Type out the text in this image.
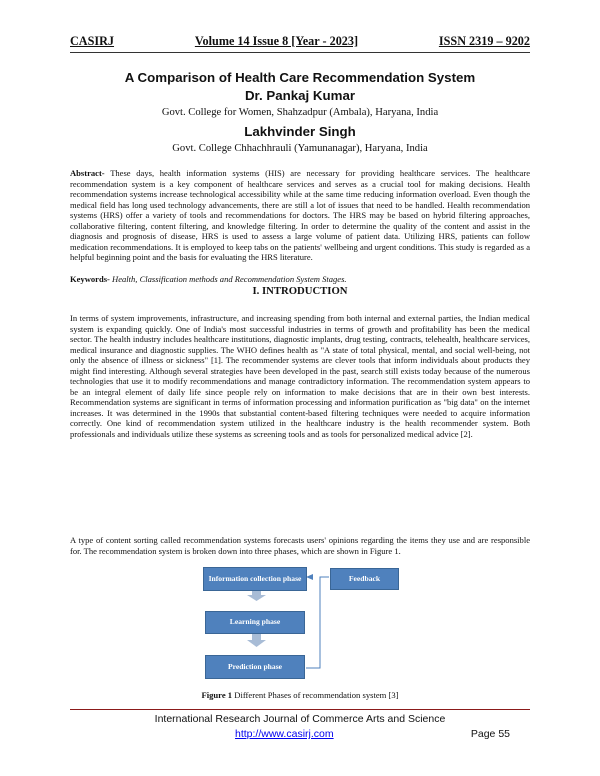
CASIRJ	Volume 14 Issue 8 [Year - 2023]	ISSN 2319 – 9202
A Comparison of Health Care Recommendation System
Dr. Pankaj Kumar
Govt. College for Women, Shahzadpur (Ambala), Haryana, India
Lakhvinder Singh
Govt. College Chhachhrauli (Yamunanagar), Haryana, India
Abstract- These days, health information systems (HIS) are necessary for providing healthcare services. The healthcare recommendation system is a key component of healthcare services and serves as a crucial tool for making decisions. Health recommendation systems increase technological accessibility while at the same time reducing information overload. Even though the medical field has long used technology advancements, there are still a lot of issues that need to be handled. Health recommendation systems (HRS) offer a variety of tools and recommendations for doctors. The HRS may be based on hybrid filtering approaches, collaborative filtering, content filtering, and knowledge filtering. In order to determine the quality of the content and assist in the diagnosis and prognosis of disease, HRS is used to assess a large volume of patient data. Utilizing HRS, patients can follow medication recommendations. It is employed to keep tabs on the patients' wellbeing and urgent conditions. This study is regarded as a helpful beginning point and the basis for evaluating the HRS literature.
Keywords- Health, Classification methods and Recommendation System Stages.
I. INTRODUCTION
In terms of system improvements, infrastructure, and increasing spending from both internal and external parties, the Indian medical system is expanding quickly. One of India's most successful industries in terms of growth and profitability has been the medical sector. The health industry includes healthcare institutions, diagnostic implants, drug testing, contracts, telehealth, healthcare services, medical insurance and diagnostic supplies. The WHO defines health as "A state of total physical, mental, and social well-being, not only the absence of illness or sickness" [1]. The recommender systems are clever tools that inform individuals about products they might find interesting. Although several strategies have been developed in the past, search still exists today because of the numerous technologies that use it to modify recommendations and manage contradictory information. The recommendation system appears to be an integral element of daily life since people rely on information to make decisions that are in their own best interests. Recommendation systems are significant in terms of information processing and information purification as "big data" on the internet increases. It was determined in the 1990s that substantial content-based filtering techniques were needed to acquire information correctly. One kind of recommendation system utilized in the healthcare industry is the health recommender system. Both professionals and individuals utilize these systems as screening tools and as tools for personalized medical advice [2].
A type of content sorting called recommendation systems forecasts users' opinions regarding the items they use and are responsible for. The recommendation system is broken down into three phases, which are shown in Figure 1.
Information collection phase
Learning phase
Prediction phase
Feedback
Figure 1 Different Phases of recommendation system [3]
International Research Journal of Commerce Arts and Science
http://www.casirj.com	Page 55
